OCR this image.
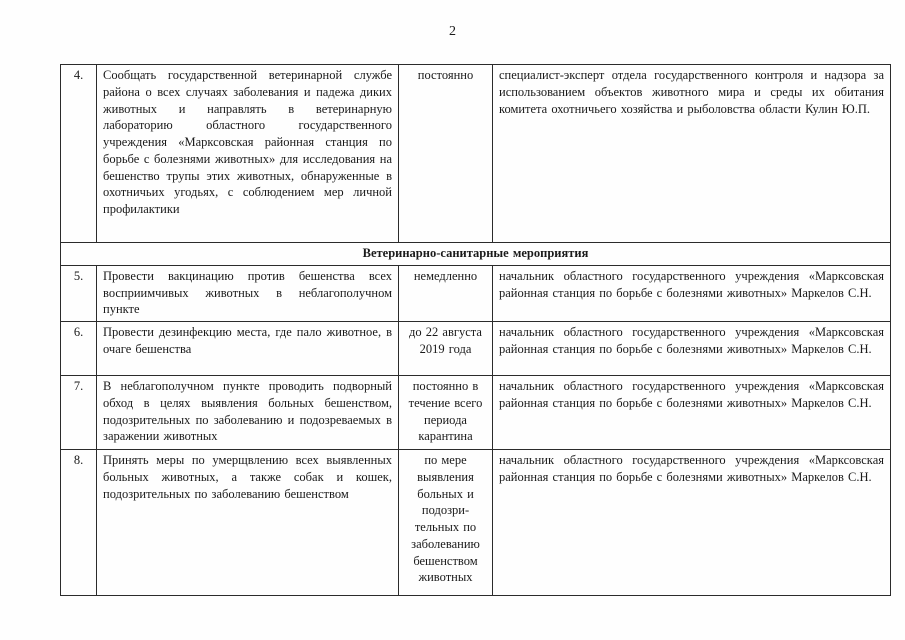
2
4.	Сообщать государственной ветеринарной службе района о всех случаях заболевания и падежа диких животных и направлять в ветеринарную лабораторию областного государственного учреждения «Марксовская районная станция по борьбе с болезнями животных» для исследования на бешенство трупы этих животных, обнаруженные в охотничьих угодьях, с соблюдением мер личной профилактики	постоянно	специалист-эксперт отдела государственного контроля и надзора за использованием объектов животного мира и среды их обитания комитета охотничьего хозяйства и рыболовства области Кулин Ю.П.
Ветеринарно-санитарные мероприятия			
5.	Провести вакцинацию против бешенства всех восприимчивых животных в неблагополучном пункте	немедленно	начальник областного государственного учреждения «Марксовская районная станция по борьбе с болезнями животных» Маркелов С.Н.
6.	Провести дезинфекцию места, где пало животное, в очаге бешенства	до 22 августа 2019 года	начальник областного государственного учреждения «Марксовская районная станция по борьбе с болезнями животных» Маркелов С.Н.
7.	В неблагополучном пункте проводить подворный обход в целях выявления больных бешенством, подозрительных по заболеванию и подозреваемых в заражении животных	постоянно в течение всего периода карантина	начальник областного государственного учреждения «Марксовская районная станция по борьбе с болезнями животных» Маркелов С.Н.
8.	Принять меры по умерщвлению всех выявленных больных животных, а также собак и кошек, подозрительных по заболеванию бешенством	по мере выявления больных и подозри- тельных по заболеванию бешенством животных	начальник областного государственного учреждения «Марксовская районная станция по борьбе с болезнями животных» Маркелов С.Н.
